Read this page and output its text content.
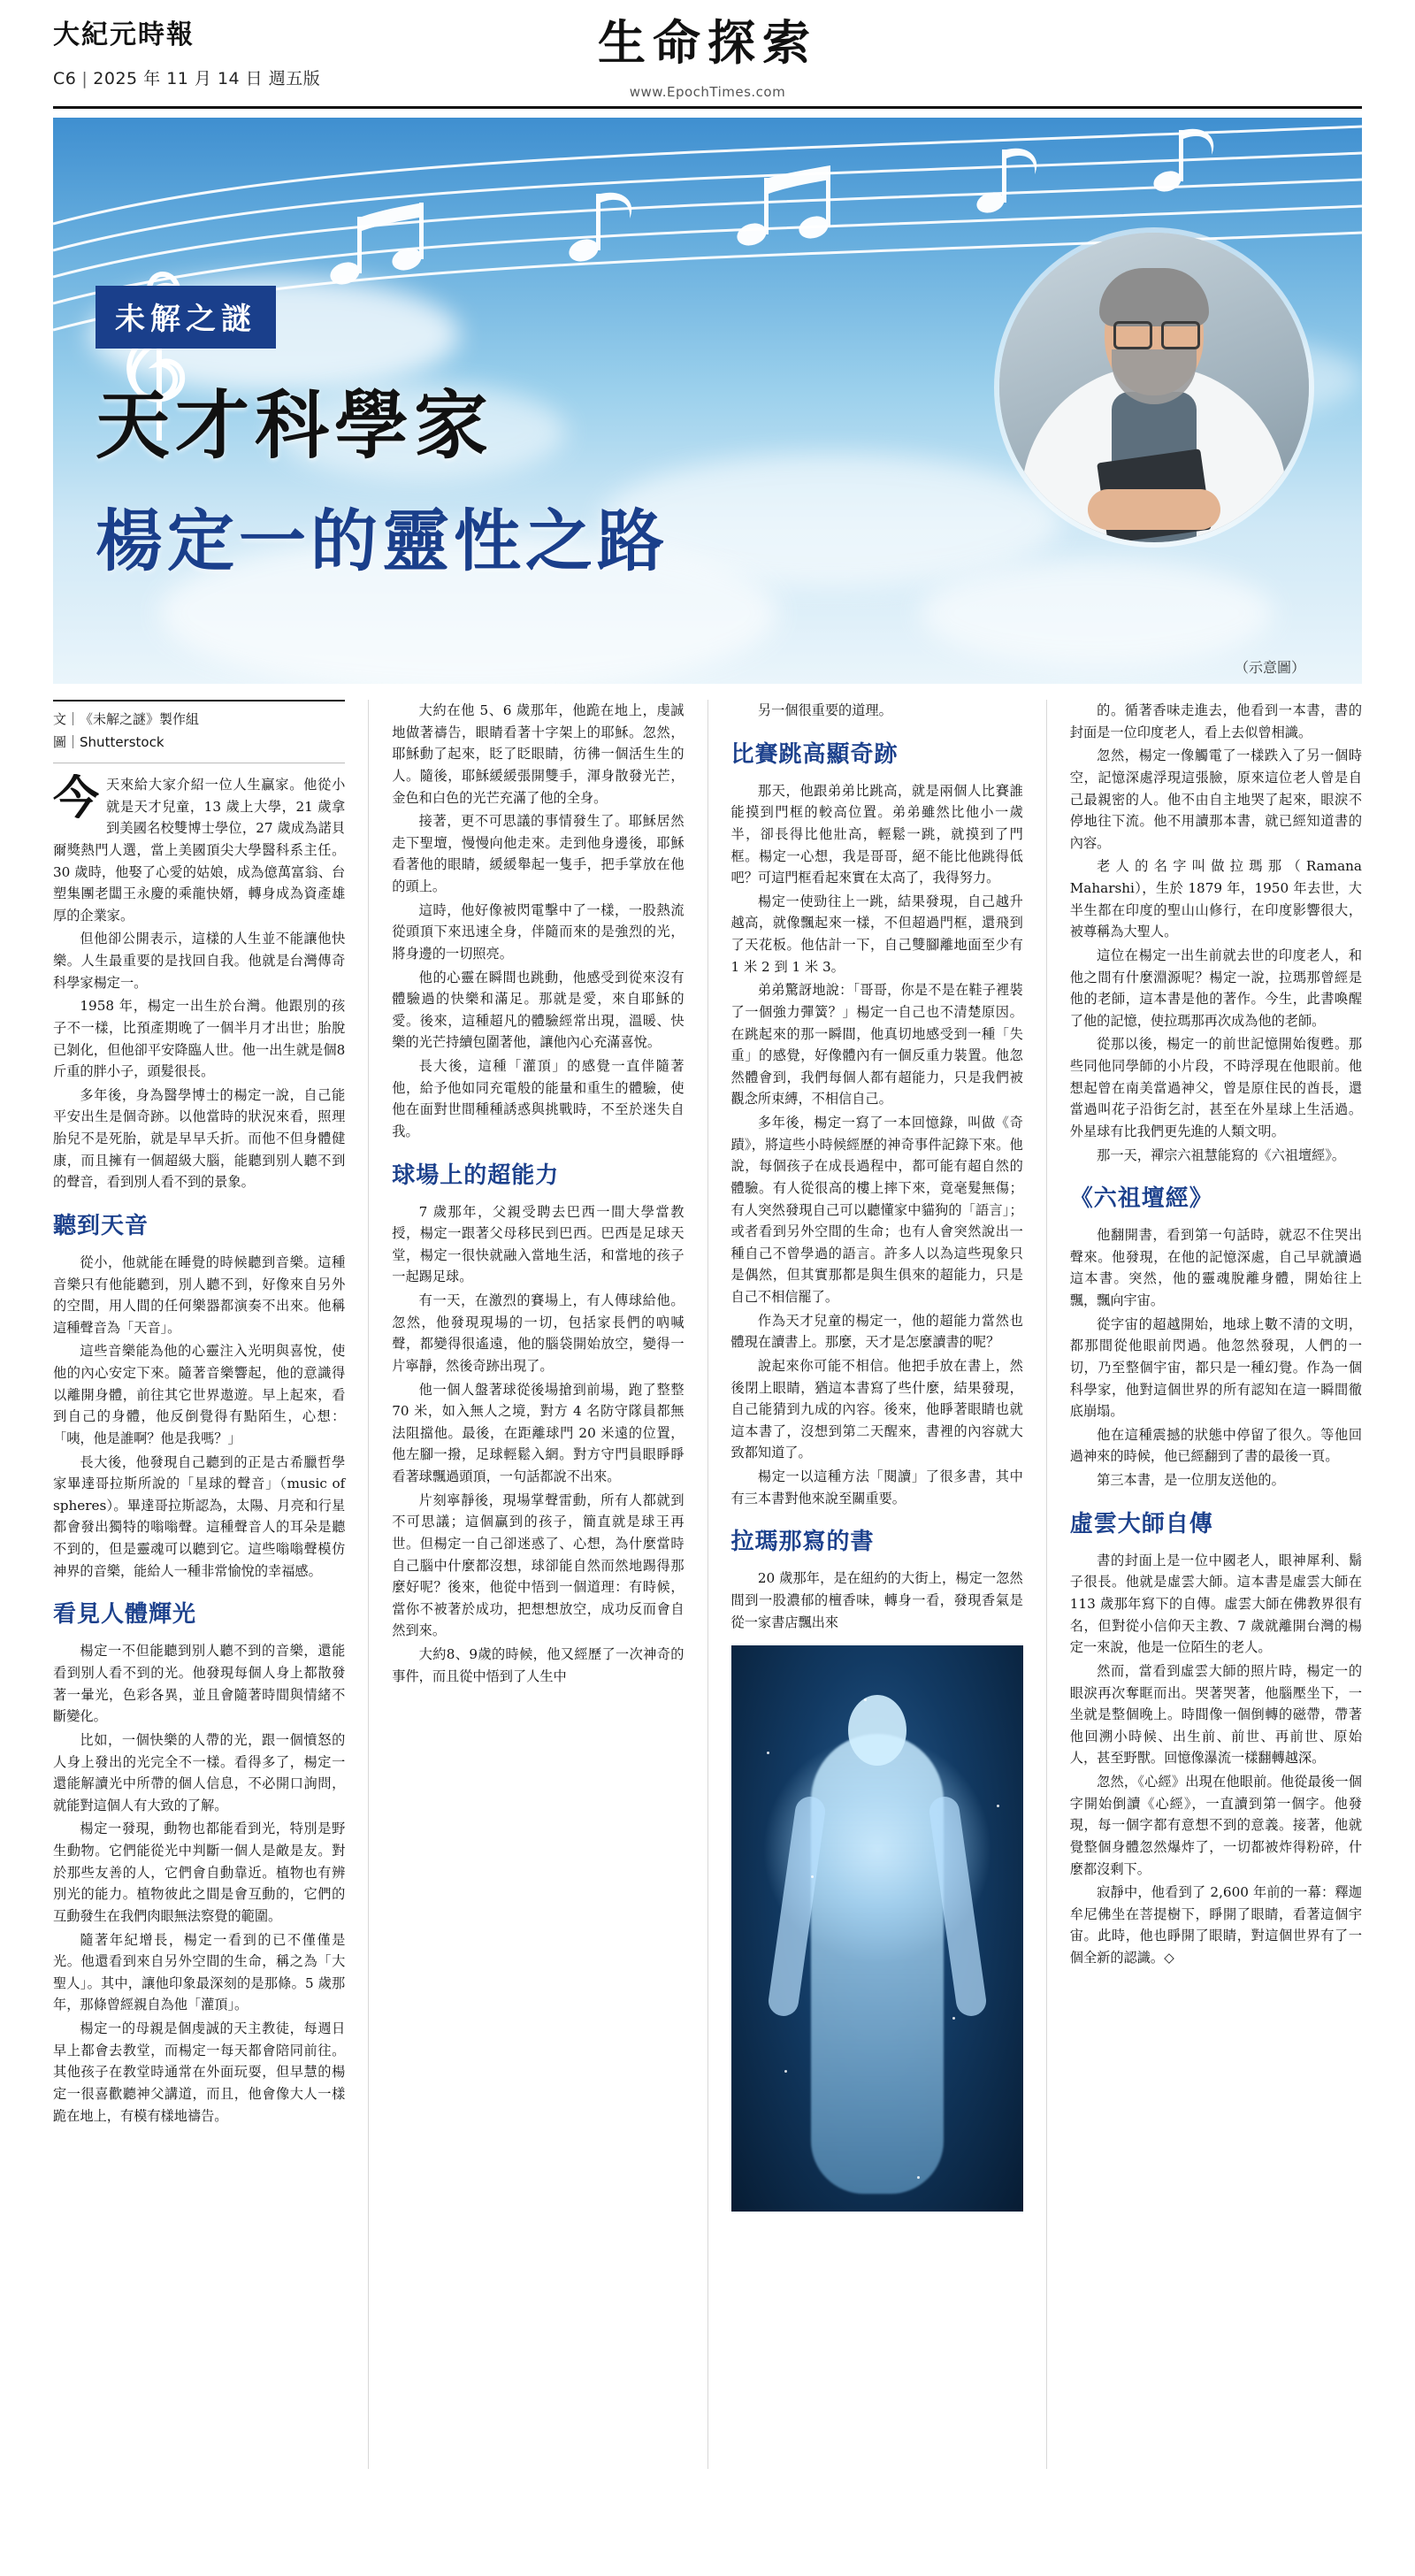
大紀元時報
C6 | 2025 年 11 月 14 日 週五版
生命探索
www.EpochTimes.com
未解之謎
天才科學家
楊定一的靈性之路
（示意圖）
文｜《未解之謎》製作組
圖｜Shutterstock

今天來給大家介紹一位人生贏家。他從小就是天才兒童，13 歲上大學，21 歲拿到美國名校雙博士學位，27 歲成為諾貝爾獎熱門人選，當上美國頂尖大學醫科系主任。30 歲時，他娶了心愛的姑娘，成為億萬富翁、台塑集團老闆王永慶的乘龍快婿，轉身成為資產雄厚的企業家。

但他卻公開表示，這樣的人生並不能讓他快樂。人生最重要的是找回自我。他就是台灣傳奇科學家楊定一。

1958 年，楊定一出生於台灣。他跟別的孩子不一樣，比預產期晚了一個半月才出世；胎脫已剝化，但他卻平安降臨人世。他一出生就是個8斤重的胖小子，頭髮很長。

多年後，身為醫學博士的楊定一說，自己能平安出生是個奇跡。以他當時的狀況來看，照理胎兒不是死胎，就是早早夭折。而他不但身體健康，而且擁有一個超級大腦，能聽到别人聽不到的聲音，看到別人看不到的景象。

聽到天音

從小，他就能在睡覺的時候聽到音樂。這種音樂只有他能聽到，別人聽不到，好像來自另外的空間，用人間的任何樂器都演奏不出來。他稱這種聲音為「天音」。

這些音樂能為他的心靈注入光明與喜悅，使他的內心安定下來。隨著音樂響起，他的意識得以離開身體，前往其它世界遨遊。早上起來，看到自己的身體，他反倒覺得有點陌生，心想：「咦，他是誰啊？他是我嗎？」

長大後，他發現自己聽到的正是古希臘哲學家畢達哥拉斯所說的「星球的聲音」（music of spheres）。畢達哥拉斯認為，太陽、月亮和行星都會發出獨特的嗡嗡聲。這種聲音人的耳朵是聽不到的，但是靈魂可以聽到它。這些嗡嗡聲模仿神界的音樂，能給人一種非常愉悅的幸福感。

看見人體輝光

楊定一不但能聽到别人聽不到的音樂，還能看到别人看不到的光。他發現每個人身上都散發著一暈光，色彩各異，並且會隨著時間與情緒不斷變化。

比如，一個快樂的人帶的光，跟一個憤怒的人身上發出的光完全不一樣。看得多了，楊定一還能解讀光中所帶的個人信息，不必開口詢問，就能對這個人有大致的了解。

楊定一發現，動物也都能看到光，特別是野生動物。它們能從光中判斷一個人是敵是友。對於那些友善的人，它們會自動靠近。植物也有辨別光的能力。植物彼此之間是會互動的，它們的互動發生在我們肉眼無法察覺的範圍。

隨著年紀增長，楊定一看到的已不僅僅是光。他還看到來自另外空間的生命，稱之為「大聖人」。其中，讓他印象最深刻的是那條。5 歲那年，那條曾經親自為他「灌頂」。

楊定一的母親是個虔誠的天主教徒，每週日早上都會去教堂，而楊定一每天都會陪同前往。其他孩子在教堂時通常在外面玩耍，但早慧的楊定一很喜歡聽神父講道，而且，他會像大人一樣跪在地上，有模有樣地禱告。

大約在他 5、6 歲那年，他跪在地上，虔誠地做著禱告，眼睛看著十字架上的耶穌。忽然，耶穌動了起來，眨了眨眼睛，彷彿一個活生生的人。隨後，耶穌緩緩張開雙手，渾身散發光芒，金色和白色的光芒充滿了他的全身。

接著，更不可思議的事情發生了。耶穌居然走下聖壇，慢慢向他走來。走到他身邊後，耶穌看著他的眼睛，緩緩舉起一隻手，把手掌放在他的頭上。

這時，他好像被閃電擊中了一樣，一股熱流從頭頂下來迅速全身，伴隨而來的是強烈的光，將身邊的一切照亮。

他的心靈在瞬間也跳動，他感受到從來沒有體驗過的快樂和滿足。那就是愛，來自耶穌的愛。後來，這種超凡的體驗經常出現，溫暖、快樂的光芒持續包圍著他，讓他內心充滿喜悅。

長大後，這種「灌頂」的感覺一直伴隨著他，給予他如同充電般的能量和重生的體驗，使他在面對世間種種誘惑與挑戰時，不至於迷失自我。

球場上的超能力

7 歲那年，父親受聘去巴西一間大學當教授，楊定一跟著父母移民到巴西。巴西是足球天堂，楊定一很快就融入當地生活，和當地的孩子一起踢足球。

有一天，在激烈的賽場上，有人傳球給他。忽然，他發現現場的一切，包括家長們的吶喊聲，都變得很遙遠，他的腦袋開始放空，變得一片寧靜，然後奇跡出現了。

他一個人盤著球從後場搶到前場，跑了整整 70 米，如入無人之境，對方 4 名防守隊員都無法阻擋他。最後，在距離球門 20 米遠的位置，他左腳一撥，足球輕鬆入網。對方守門員眼睜睜看著球飄過頭頂，一句話都說不出來。

片刻寧靜後，現場掌聲雷動，所有人都就到不可思議；這個贏到的孩子，簡直就是球王再世。但楊定一自己卻迷惑了、心想，為什麼當時自己腦中什麼都沒想，球卻能自然而然地踢得那麼好呢？後來，他從中悟到一個道理：有時候，當你不被著於成功，把想想放空，成功反而會自然到來。

大約8、9歲的時候，他又經歷了一次神奇的事件，而且從中悟到了人生中

另一個很重要的道理。

比賽跳高顯奇跡

那天，他跟弟弟比跳高，就是兩個人比賽誰能摸到門框的較高位置。弟弟雖然比他小一歲半，卻長得比他壯高，輕鬆一跳，就摸到了門框。楊定一心想，我是哥哥，絕不能比他跳得低吧？可這門框看起來實在太高了，我得努力。

楊定一使勁往上一跳，結果發現，自己越升越高，就像飄起來一樣，不但超過門框，還飛到了天花板。他估計一下，自己雙腳離地面至少有 1 米 2 到 1 米 3。

弟弟驚訝地說：「哥哥，你是不是在鞋子裡裝了一個強力彈簧？」楊定一自己也不清楚原因。在跳起來的那一瞬間，他真切地感受到一種「失重」的感覺，好像體內有一個反重力裝置。他忽然體會到，我們每個人都有超能力，只是我們被觀念所束縛，不相信自己。

多年後，楊定一寫了一本回憶錄，叫做《奇蹟》，將這些小時候經歷的神奇事件記錄下來。他說，每個孩子在成長過程中，都可能有超自然的體驗。有人從很高的樓上摔下來，竟毫髮無傷；有人突然發現自己可以聽懂家中貓狗的「語言」；或者看到另外空間的生命；也有人會突然說出一種自己不曾學過的語言。許多人以為這些現象只是偶然，但其實那都是與生俱來的超能力，只是自己不相信罷了。

作為天才兒童的楊定一，他的超能力當然也體現在讀書上。那麼，天才是怎麼讀書的呢？

說起來你可能不相信。他把手放在書上，然後閉上眼睛，猶這本書寫了些什麼，結果發現，自己能猜到九成的內容。後來，他睜著眼睛也就這本書了，沒想到第二天醒來，書裡的內容就大致都知道了。

楊定一以這種方法「閱讀」了很多書，其中有三本書對他來說至關重要。

拉瑪那寫的書

20 歲那年，是在紐約的大街上，楊定一忽然間到一股濃郁的檀香味，轉身一看，發現香氣是從一家書店飄出來

的。循著香味走進去，他看到一本書，書的封面是一位印度老人，看上去似曾相識。

忽然，楊定一像觸電了一樣跌入了另一個時空，記憶深處浮現這張臉，原來這位老人曾是自己最親密的人。他不由自主地哭了起來，眼淚不停地往下流。他不用讀那本書，就已經知道書的內容。

老人的名字叫做拉瑪那（Ramana Maharshi），生於 1879 年，1950 年去世，大半生都在印度的聖山山修行，在印度影響很大，被尊稱為大聖人。

這位在楊定一出生前就去世的印度老人，和他之間有什麼淵源呢？楊定一說，拉瑪那曾經是他的老師，這本書是他的著作。今生，此書喚醒了他的記憶，使拉瑪那再次成為他的老師。

從那以後，楊定一的前世記憶開始復甦。那些同他同學師的小片段，不時浮現在他眼前。他想起曾在南美當過神父，曾是原住民的酋長，還當過叫花子沿街乞討，甚至在外星球上生活過。外星球有比我們更先進的人類文明。

那一天，禪宗六祖慧能寫的《六祖壇經》。

《六祖壇經》

他翻開書，看到第一句話時，就忍不住哭出聲來。他發現，在他的記憶深處，自己早就讀過這本書。突然，他的靈魂脫離身體，開始往上飄，飄向宇宙。

從字宙的超越開始，地球上數不清的文明，都那間從他眼前閃過。他忽然發現，人們的一切，乃至整個宇宙，都只是一種幻覺。作為一個科學家，他對這個世界的所有認知在這一瞬間徹底崩塌。

他在這種震撼的狀態中停留了很久。等他回過神來的時候，他已經翻到了書的最後一頁。

第三本書，是一位朋友送他的。

虛雲大師自傳

書的封面上是一位中國老人，眼神犀利、鬍子很長。他就是虛雲大師。這本書是虛雲大師在 113 歲那年寫下的自傳。虛雲大師在佛教界很有名，但對從小信仰天主教、7 歲就離開台灣的楊定一來說，他是一位陌生的老人。

然而，當看到虛雲大師的照片時，楊定一的眼淚再次奪眶而出。哭著哭著，他腦壓坐下，一坐就是整個晚上。時間像一個倒轉的磁帶，帶著他回溯小時候、出生前、前世、再前世、原始人，甚至野獸。回憶像瀑流一樣翻轉越深。

忽然，《心經》出現在他眼前。他從最後一個字開始倒讀《心經》，一直讀到第一個字。他發現，每一個字都有意想不到的意義。接著，他就覺整個身體忽然爆炸了，一切都被炸得粉碎，什麼都沒剩下。

寂靜中，他看到了 2,600 年前的一幕：釋迦牟尼佛坐在菩提樹下，睜開了眼睛，看著這個宇宙。此時，他也睜開了眼睛，對這個世界有了一個全新的認識。◇
